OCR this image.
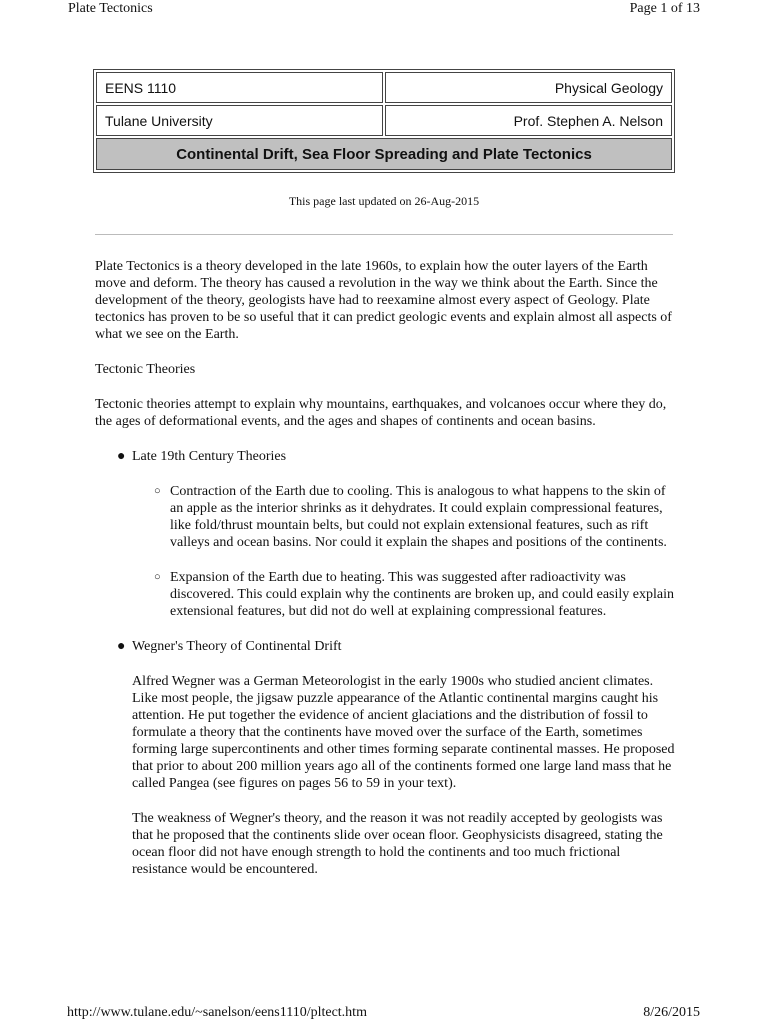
Plate Tectonics	Page 1 of 13
EENS 1110	Physical Geology
Tulane University	Prof. Stephen A. Nelson
Continental Drift, Sea Floor Spreading and Plate Tectonics
This page last updated on 26-Aug-2015

Plate Tectonics is a theory developed in the late 1960s, to explain how the outer layers of the Earth move and deform. The theory has caused a revolution in the way we think about the Earth. Since the development of the theory, geologists have had to reexamine almost every aspect of Geology. Plate tectonics has proven to be so useful that it can predict geologic events and explain almost all aspects of what we see on the Earth.

Tectonic Theories

Tectonic theories attempt to explain why mountains, earthquakes, and volcanoes occur where they do, the ages of deformational events, and the ages and shapes of continents and ocean basins.

● Late 19th Century Theories
○ Contraction of the Earth due to cooling. This is analogous to what happens to the skin of an apple as the interior shrinks as it dehydrates. It could explain compressional features, like fold/thrust mountain belts, but could not explain extensional features, such as rift valleys and ocean basins. Nor could it explain the shapes and positions of the continents.
○ Expansion of the Earth due to heating. This was suggested after radioactivity was discovered. This could explain why the continents are broken up, and could easily explain extensional features, but did not do well at explaining compressional features.
● Wegner's Theory of Continental Drift

Alfred Wegner was a German Meteorologist in the early 1900s who studied ancient climates. Like most people, the jigsaw puzzle appearance of the Atlantic continental margins caught his attention. He put together the evidence of ancient glaciations and the distribution of fossil to formulate a theory that the continents have moved over the surface of the Earth, sometimes forming large supercontinents and other times forming separate continental masses. He proposed that prior to about 200 million years ago all of the continents formed one large land mass that he called Pangea (see figures on pages 56 to 59 in your text).

The weakness of Wegner's theory, and the reason it was not readily accepted by geologists was that he proposed that the continents slide over ocean floor. Geophysicists disagreed, stating the ocean floor did not have enough strength to hold the continents and too much frictional resistance would be encountered.

http://www.tulane.edu/~sanelson/eens1110/pltect.htm	8/26/2015
